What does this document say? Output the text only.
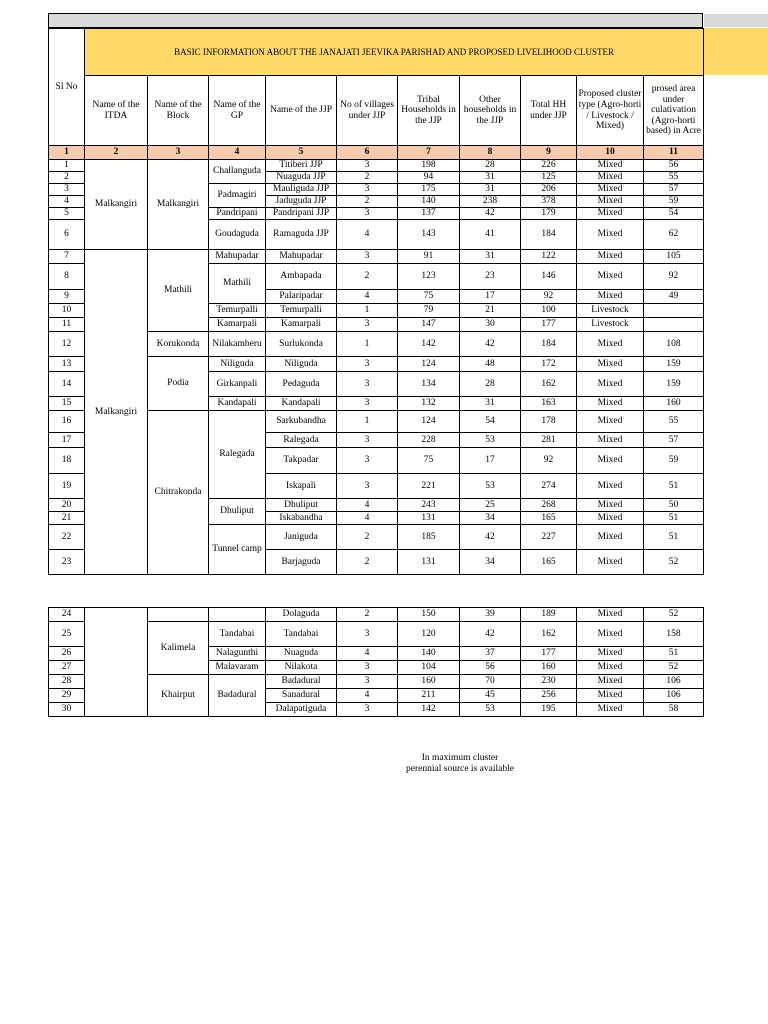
Sl No	BASIC INFORMATION ABOUT THE JANAJATI JEEVIKA PARISHAD AND PROPOSED LIVELIHOOD CLUSTER									
	Name of the ITDA	Name of the Block	Name of the GP	Name of the JJP	No of villages under JJP	Tribal Households in the JJP	Other households in the JJP	Total HH under JJP	Proposed cluster type (Agro-horti / Livestock / Mixed)	prosed area under culativation (Agro-horti based) in Acre
1	2	3	4	5	6	7	8	9	10	11
1	Malkangiri	Malkangiri	Challanguda	Titiberi JJP	3	198	28	226	Mixed	56
2				Nuaguda JJP	2	94	31	125	Mixed	55
3			Padmagiri	Mauliguda JJP	3	175	31	206	Mixed	57
4				Jaduguda JJP	2	140	238	378	Mixed	59
5			Pandripani	Pandripani JJP	3	137	42	179	Mixed	54
6			Goudaguda	Ramaguda JJP	4	143	41	184	Mixed	62
7	Malkangiri	Mathili	Mahupadar	Mahupadar	3	91	31	122	Mixed	105
8			Mathili	Ambapada	2	123	23	146	Mixed	92
9				Palaripadar	4	75	17	92	Mixed	49
10			Temurpalli	Temurpalli	1	79	21	100	Livestock	
11			Kamarpali	Kamarpali	3	147	30	177	Livestock	
12		Korukonda	Nilakamberu	Surlukonda	1	142	42	184	Mixed	108
13		Podia	Niliguda	Niliguda	3	124	48	172	Mixed	159
14			Girkanpali	Pedaguda	3	134	28	162	Mixed	159
15			Kandapali	Kandapali	3	132	31	163	Mixed	160
16		Chitrakonda	Ralegada	Sarkubandha	1	124	54	178	Mixed	55
17				Ralegada	3	228	53	281	Mixed	57
18				Takpadar	3	75	17	92	Mixed	59
19				Iskapali	3	221	53	274	Mixed	51
20			Dhuliput	Dhuliput	4	243	25	268	Mixed	50
21				Iskabandha	4	131	34	165	Mixed	51
22			Tunnel camp	Janiguda	2	185	42	227	Mixed	51
23				Barjaguda	2	131	34	165	Mixed	52
24				Dolaguda	2	150	39	189	Mixed	52
25		Kalimela	Tandabai	Tandabai	3	120	42	162	Mixed	158
26			Nalagunthi	Nuaguda	4	140	37	177	Mixed	51
27			Malavaram	Nilakota	3	104	56	160	Mixed	52
28		Khairput	Badadural	Badadural	3	160	70	230	Mixed	106
29				Sanadural	4	211	45	256	Mixed	106
30				Dalapatiguda	3	142	53	195	Mixed	58
In maximum cluster
perennial source is available
